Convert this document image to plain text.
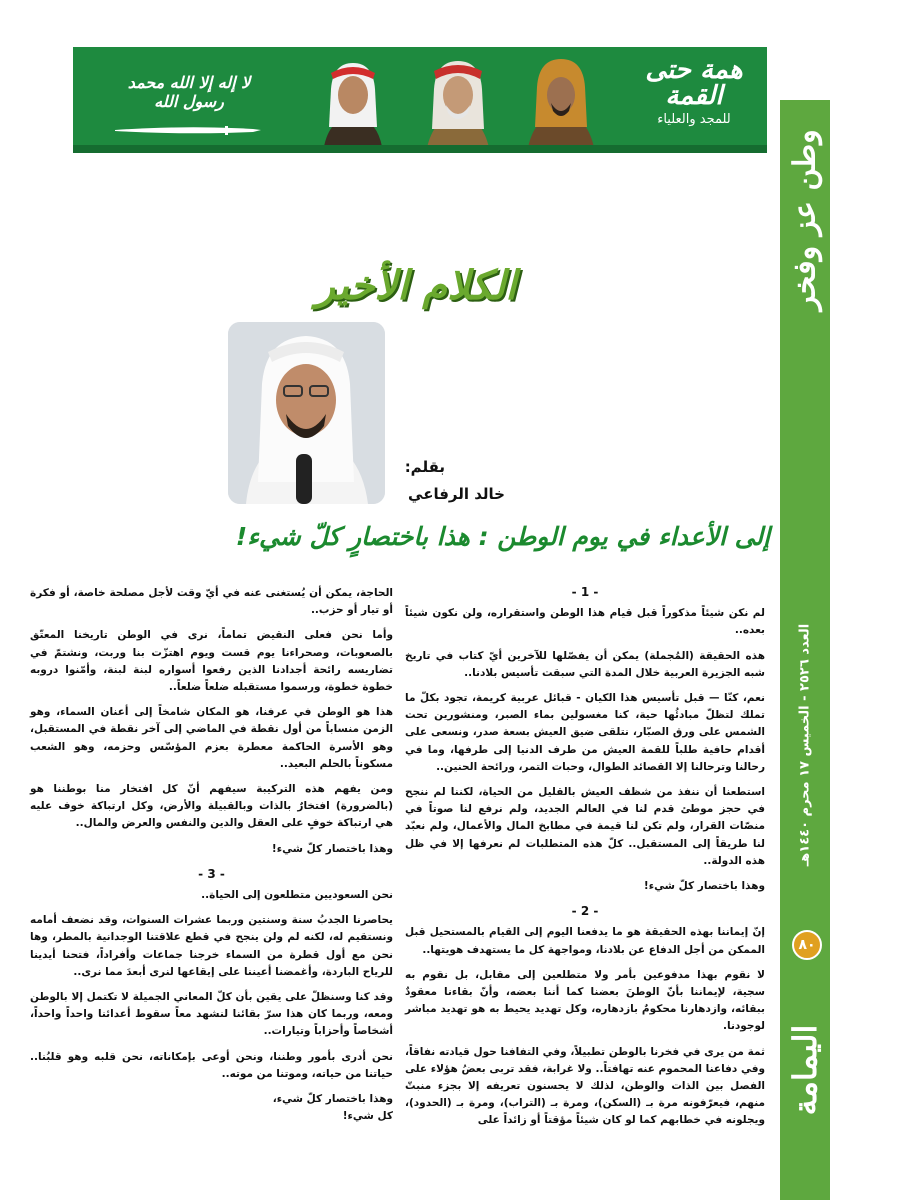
لا إله إلا الله محمد رسول الله
همة حتى القمة
للمجد والعلياء
وطن عز وفخر
العدد ٢٥٢٦ - الخميس ١٧ محرم ١٤٤٠هـ
٨٠
اليمامة
الكلام الأخير
بقلم:
خالد الرفاعي
إلى الأعداء في يوم الوطن : هذا باختصارٍ كلّ شيء!
- 1 -

لم نكن شيئاً مذكوراً قبل قيام هذا الوطن واستقراره، ولن نكون شيئاً بعده..

هذه الحقيقة (المُجملة) يمكن أن يفصّلها للآخرين أيّ كتاب في تاريخ شبه الجزيرة العربية خلال المدة التي سبقت تأسيس بلادنا..

نعم، كنّا — قبل تأسيس هذا الكيان - قبائل عربية كريمة، تجود بكلّ ما تملك لتظلّ مبادئُها حية، كنا مغسولين بماء الصبر، ومنشورين تحت الشمس على ورق الصبّار، نتلقى ضيق العيش بسعة صدر، ونسعى على أقدام حافية طلباً للقمة العيش من طرف الدنيا إلى طرفها، وما في رحالنا وترحالنا إلا القصائد الطوال، وحبات التمر، ورائحة الحنين..

استطعنا أن ننفذ من شظف العيش بالقليل من الحياة، لكننا لم ننجح في حجز موطئ قدم لنا في العالم الجديد، ولم نرفع لنا صوتاً في منصّات القرار، ولم تكن لنا قيمة في مطابخ المال والأعمال، ولم نعبّد لنا طريقاً إلى المستقبل.. كلّ هذه المتطلبات لم نعرفها إلا في ظل هذه الدولة..

وهذا باختصار كلّ شيء!

- 2 -

إنّ إيماننا بهذه الحقيقة هو ما يدفعنا اليوم إلى القيام بالمستحيل قبل الممكن من أجل الدفاع عن بلادنا، ومواجهة كل ما يستهدف هويتها..

لا نقوم بهذا مدفوعين بأمر ولا متطلعين إلى مقابل، بل نقوم به سجية، لإيماننا بأنّ الوطنَ بعضنا كما أننا بعضه، وأنّ بقاءنا معقودٌ ببقائه، وازدهارنا محكومٌ بازدهاره، وكل تهديد يحيط به هو تهديد مباشر لوجودنا.

ثمة من يرى في فخرنا بالوطن تطبيلاً، وفي التفافنا حول قيادته نفاقاً، وفي دفاعنا المحموم عنه تهافتاً.. ولا غرابة، فقد تربى بعضُ هؤلاء على الفصل بين الذات والوطن، لذلك لا يحسنون تعريفه إلا بجزء منبتّ منهم، فيعرّفونه مرة بـ (السكن)، ومرة بـ (التراب)، ومرة بـ (الحدود)، ويجلونه في خطابهم كما لو كان شيئاً مؤقتاً أو زائداً على

الحاجة، يمكن أن يُستغنى عنه في أيّ وقت لأجل مصلحة خاصة، أو فكرة أو تيار أو حزب..

وأما نحن فعلى النقيض تماماً، نرى في الوطن تاريخنا المعتّق بالصعوبات، وصحراءنا يوم قست ويوم اهتزّت بنا وربت، ونشتمّ في تضاريسه رائحة أجدادنا الذين رفعوا أسواره لبنة لبنة، وأمّنوا دروبه خطوة خطوة، ورسموا مستقبله ضلعاً ضلعاً..

هذا هو الوطن في عرفنا، هو المكان شامخاً إلى أعنان السماء، وهو الزمن منساباً من أول نقطة في الماضي إلى آخر نقطة في المستقبل، وهو الأسرة الحاكمة معطرة بعزم المؤسّس وحزمه، وهو الشعب مسكوناً بالحلم البعيد..

ومن يفهم هذه التركيبة سيفهم أنّ كل افتخار منا بوطننا هو (بالضرورة) افتخارٌ بالذات وبالقبيلة والأرض، وكل ارتباكة خوف عليه هي ارتباكة خوفٍ على العقل والدين والنفس والعرض والمال..

وهذا باختصار كلّ شيء!

- 3 -

نحن السعوديين متطلعون إلى الحياة..

يحاصرنا الجدبُ سنة وسنتين وربما عشرات السنوات، وقد نضعف أمامه ونستقيم له، لكنه لم ولن ينجح في قطع علاقتنا الوجدانية بالمطر، وها نحن مع أول قطرة من السماء خرجنا جماعات وأفراداً، فتحنا أيدينا للرياح الباردة، وأغمضنا أعيننا على إيقاعها لنرى أبعدَ مما نرى..

وقد كنا وسنظلّ على يقين بأن كلّ المعاني الجميلة لا تكتمل إلا بالوطن ومعه، وربما كان هذا سرّ بقائنا لنشهد معاً سقوط أعدائنا واحداً واحداً، أشخاصاً وأحزاباً وتيارات..

نحن أدرى بأمور وطننا، ونحن أوعى بإمكاناته، نحن قلبه وهو قلبُنا.. حياتنا من حياته، وموتنا من موته..

وهذا باختصار كلّ شيء،

كل شيء!
